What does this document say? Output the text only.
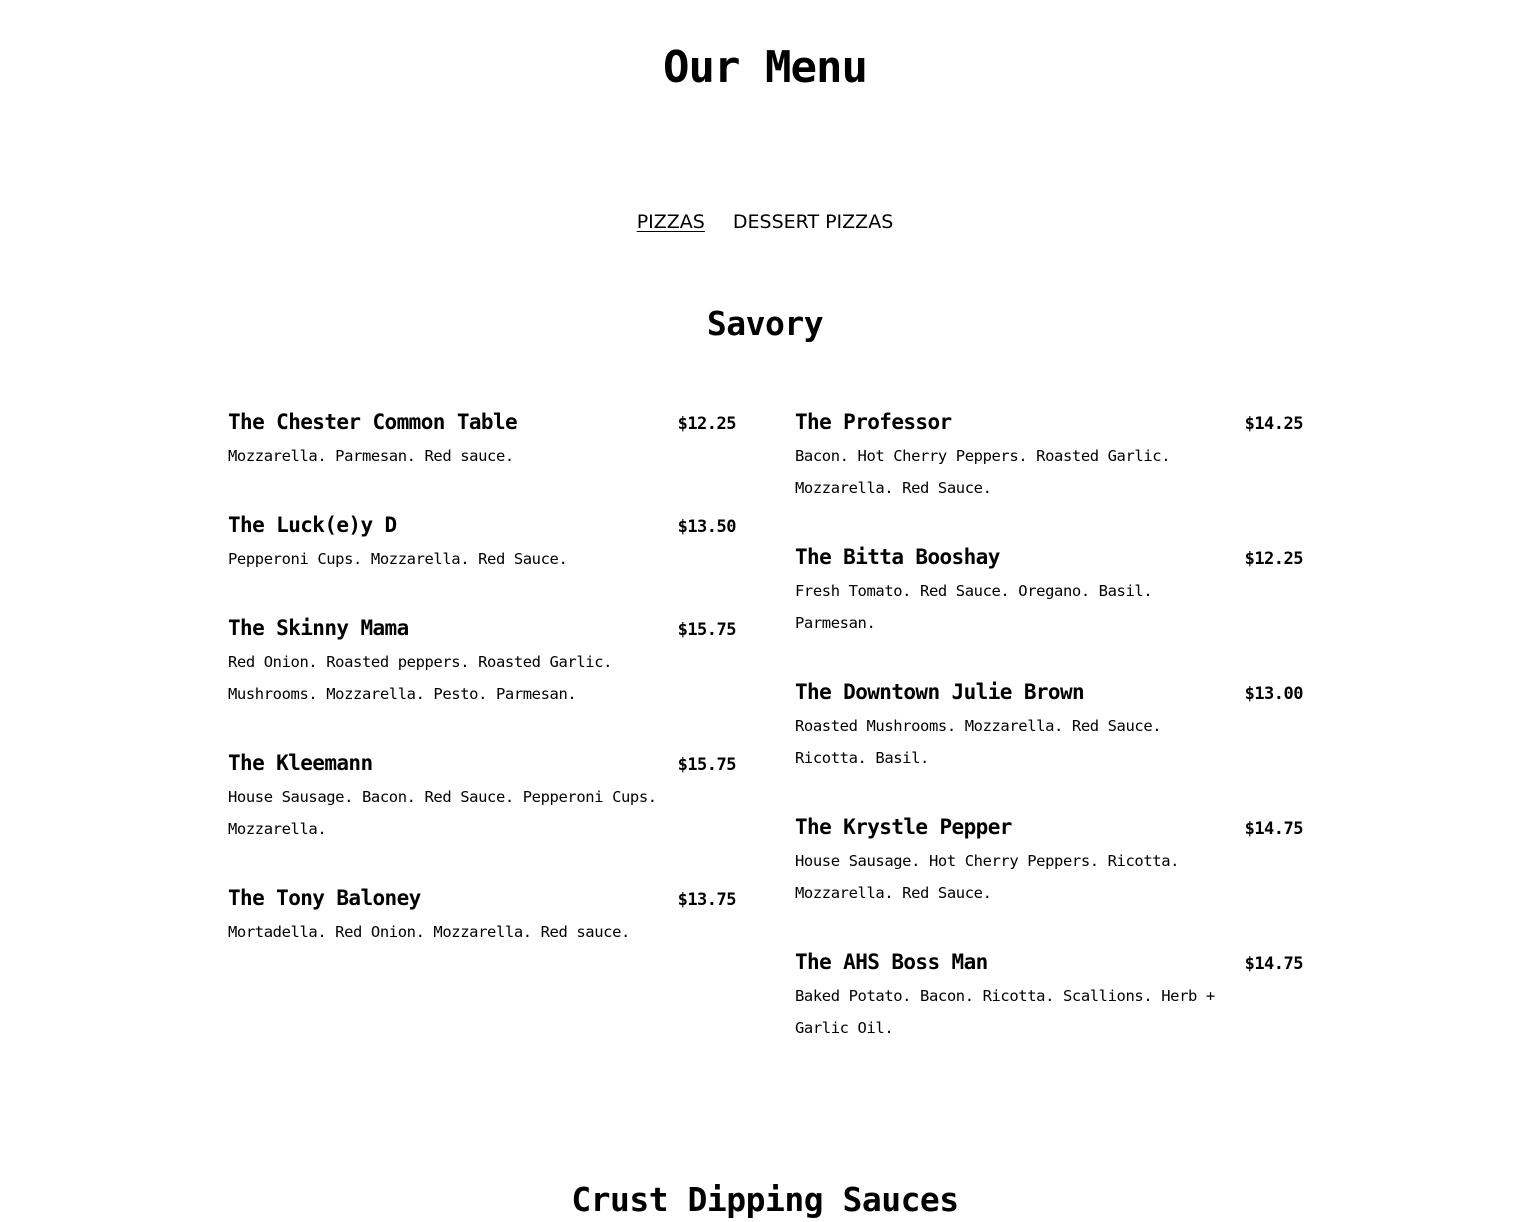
Our Menu
PIZZAS DESSERT PIZZAS
Savory
The Chester Common Table	$12.25
Mozzarella. Parmesan. Red sauce.
The Luck(e)y D	$13.50
Pepperoni Cups. Mozzarella. Red Sauce.
The Skinny Mama	$15.75
Red Onion. Roasted peppers. Roasted Garlic. Mushrooms. Mozzarella. Pesto. Parmesan.
The Kleemann	$15.75
House Sausage. Bacon. Red Sauce. Pepperoni Cups. Mozzarella.
The Tony Baloney	$13.75
Mortadella. Red Onion. Mozzarella. Red sauce.
The Professor	$14.25
Bacon. Hot Cherry Peppers. Roasted Garlic. Mozzarella. Red Sauce.
The Bitta Booshay	$12.25
Fresh Tomato. Red Sauce. Oregano. Basil. Parmesan.
The Downtown Julie Brown	$13.00
Roasted Mushrooms. Mozzarella. Red Sauce. Ricotta. Basil.
The Krystle Pepper	$14.75
House Sausage. Hot Cherry Peppers. Ricotta. Mozzarella. Red Sauce.
The AHS Boss Man	$14.75
Baked Potato. Bacon. Ricotta. Scallions. Herb + Garlic Oil.
Crust Dipping Sauces
